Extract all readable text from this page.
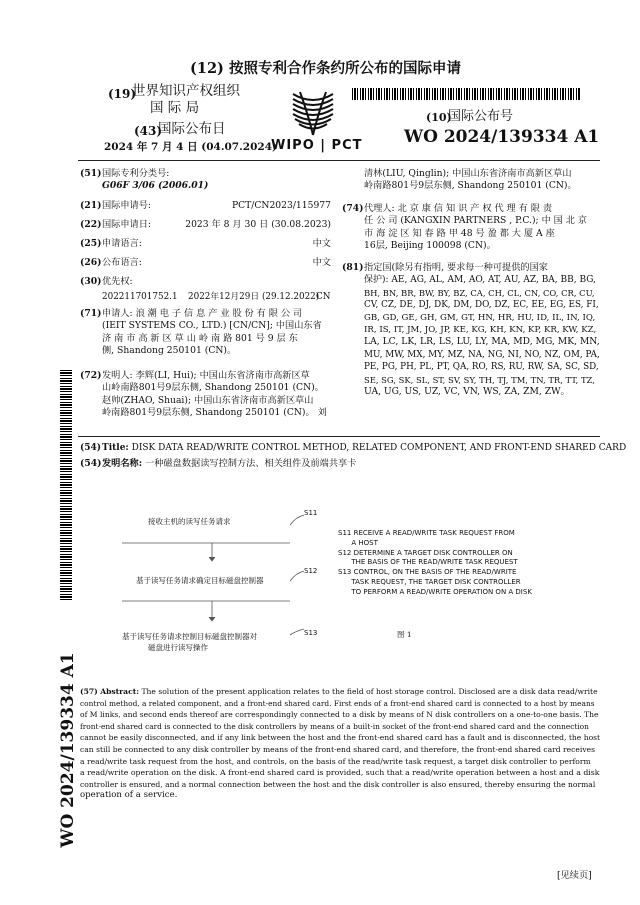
(12) 按照专利合作条约所公布的国际申请
(19)
世界知识产权组织
国 际 局
(43)
国际公布日
2024 年 7 月 4 日 (04.07.2024)
WIPO | PCT
(10)
国际公布号
WO 2024/139334 A1
(51)国际专利分类号:
G06F 3/06 (2006.01)
(21)国际申请号:	PCT/CN2023/115977
(22)国际申请日:	2023 年 8 月 30 日 (30.08.2023)
(25)申请语言:	中文
(26)公布语言:	中文
(30)优先权:
202211701752.1 2022年12月29日 (29.12.2022)
CN
(71) 申请人: 浪 潮 电 子 信 息 产 业 股 份 有 限 公 司
(IEIT SYSTEMS CO., LTD.) [CN/CN]; 中国山东省
济 南 市 高 新 区 草 山 岭 南 路 801 号 9 层 东
侧, Shandong 250101 (CN)。
(72) 发明人: 李辉(LI, Hui); 中国山东省济南市高新区草
山岭南路801号9层东侧, Shandong 250101 (CN)。
赵帅(ZHAO, Shuai); 中国山东省济南市高新区草山
岭南路801号9层东侧, Shandong 250101 (CN)。 刘
清林(LIU, Qinglin); 中国山东省济南市高新区草山
岭南路801号9层东侧, Shandong 250101 (CN)。
(74) 代理人: 北 京 康 信 知 识 产 权 代 理 有 限 责
任 公 司 (KANGXIN PARTNERS , P.C.); 中 国 北 京
市 海 淀 区 知 春 路 甲 48 号 盈 都 大 厦 A 座
16层, Beijing 100098 (CN)。
(81) 指定国(除另有指明, 要求每一种可提供的国家
保护): AE, AG, AL, AM, AO, AT, AU, AZ, BA, BB, BG,
BH, BN, BR, BW, BY, BZ, CA, CH, CL, CN, CO, CR, CU,
CV, CZ, DE, DJ, DK, DM, DO, DZ, EC, EE, EG, ES, FI,
GB, GD, GE, GH, GM, GT, HN, HR, HU, ID, IL, IN, IQ,
IR, IS, IT, JM, JO, JP, KE, KG, KH, KN, KP, KR, KW, KZ,
LA, LC, LK, LR, LS, LU, LY, MA, MD, MG, MK, MN,
MU, MW, MX, MY, MZ, NA, NG, NI, NO, NZ, OM, PA,
PE, PG, PH, PL, PT, QA, RO, RS, RU, RW, SA, SC, SD,
SE, SG, SK, SL, ST, SV, SY, TH, TJ, TM, TN, TR, TT, TZ,
UA, UG, US, UZ, VC, VN, WS, ZA, ZM, ZW。
WO 2024/139334 A1
(54)Title: DISK DATA READ/WRITE CONTROL METHOD, RELATED COMPONENT, AND FRONT-END SHARED CARD
(54)发明名称: 一种磁盘数据读写控制方法、相关组件及前端共享卡
S11
接收主机的读写任务请求
S12
基于读写任务请求确定目标磁盘控制器
S13
基于读写任务请求控制目标磁盘控制器对
磁盘进行读写操作
S11 RECEIVE A READ/WRITE TASK REQUEST FROM
A HOST
S12 DETERMINE A TARGET DISK CONTROLLER ON
THE BASIS OF THE READ/WRITE TASK REQUEST
S13 CONTROL, ON THE BASIS OF THE READ/WRITE
TASK REQUEST, THE TARGET DISK CONTROLLER
TO PERFORM A READ/WRITE OPERATION ON A DISK
图 1
(57) Abstract: The solution of the present application relates to the field of host storage control. Disclosed are a disk data read/write
control method, a related component, and a front-end shared card. First ends of a front-end shared card is connected to a host by means
of M links, and second ends thereof are correspondingly connected to a disk by means of N disk controllers on a one-to-one basis. The
front-end shared card is connected to the disk controllers by means of a built-in socket of the front-end shared card and the connection
cannot be easily disconnected, and if any link between the host and the front-end shared card has a fault and is disconnected, the host
can still be connected to any disk controller by means of the front-end shared card, and therefore, the front-end shared card receives
a read/write task request from the host, and controls, on the basis of the read/write task request, a target disk controller to perform
a read/write operation on the disk. A front-end shared card is provided, such that a read/write operation between a host and a disk
controller is ensured, and a normal connection between the host and the disk controller is also ensured, thereby ensuring the normal
operation of a service.
[见续页]
